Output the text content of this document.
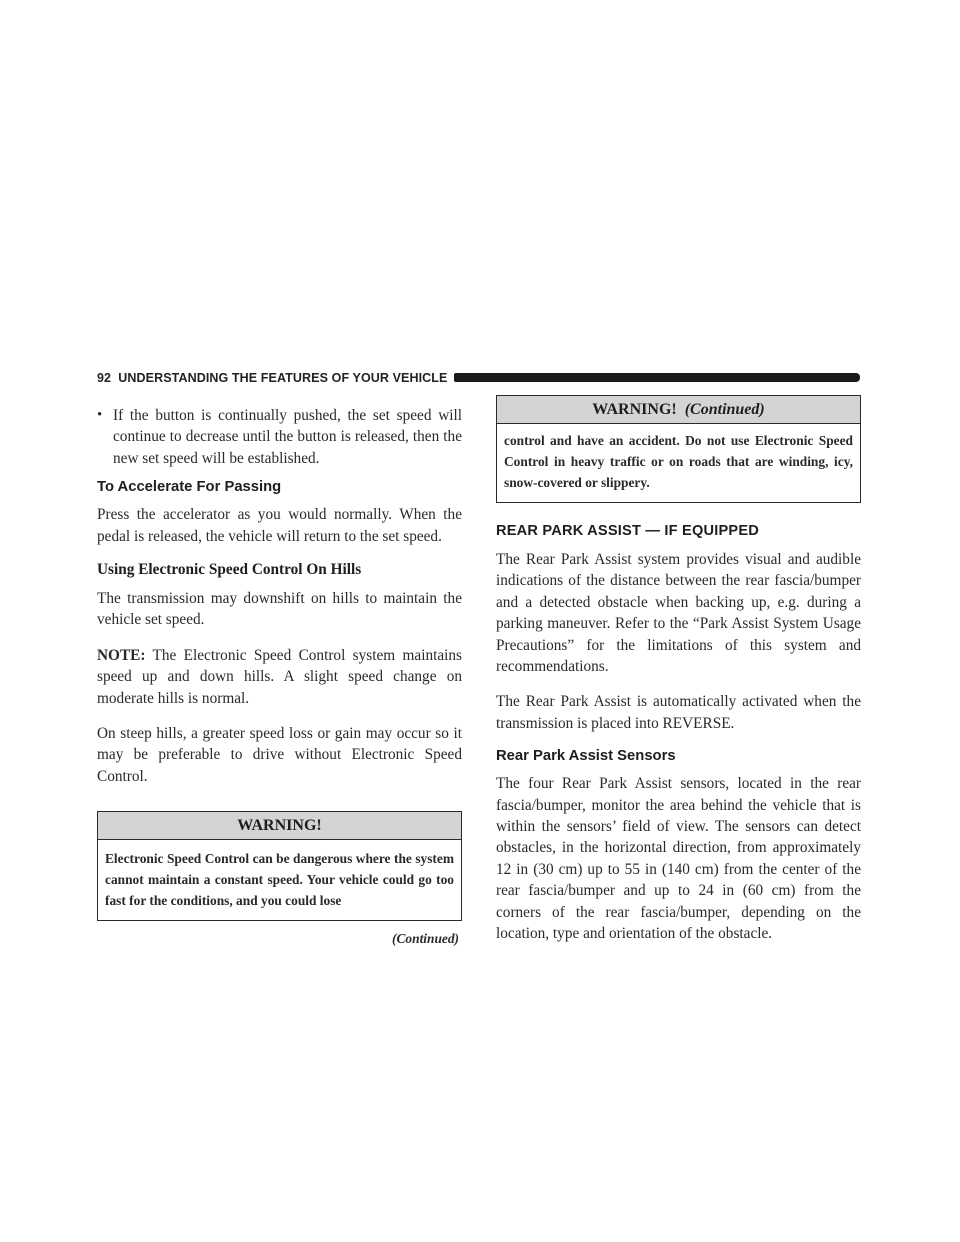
92 UNDERSTANDING THE FEATURES OF YOUR VEHICLE
• If the button is continually pushed, the set speed will continue to decrease until the button is released, then the new set speed will be established.
To Accelerate For Passing

Press the accelerator as you would normally. When the pedal is released, the vehicle will return to the set speed.

Using Electronic Speed Control On Hills

The transmission may downshift on hills to maintain the vehicle set speed.

NOTE: The Electronic Speed Control system maintains speed up and down hills. A slight speed change on moderate hills is normal.

On steep hills, a greater speed loss or gain may occur so it may be preferable to drive without Electronic Speed Control.

WARNING!
Electronic Speed Control can be dangerous where the system cannot maintain a constant speed. Your vehicle could go too fast for the conditions, and you could lose
(Continued)
WARNING! (Continued)
control and have an accident. Do not use Electronic Speed Control in heavy traffic or on roads that are winding, icy, snow-covered or slippery.
REAR PARK ASSIST — IF EQUIPPED

The Rear Park Assist system provides visual and audible indications of the distance between the rear fascia/bumper and a detected obstacle when backing up, e.g. during a parking maneuver. Refer to the “Park Assist System Usage Precautions” for the limitations of this system and recommendations.

The Rear Park Assist is automatically activated when the transmission is placed into REVERSE.

Rear Park Assist Sensors

The four Rear Park Assist sensors, located in the rear fascia/bumper, monitor the area behind the vehicle that is within the sensors’ field of view. The sensors can detect obstacles, in the horizontal direction, from approximately 12 in (30 cm) up to 55 in (140 cm) from the center of the rear fascia/bumper and up to 24 in (60 cm) from the corners of the rear fascia/bumper, depending on the location, type and orientation of the obstacle.
